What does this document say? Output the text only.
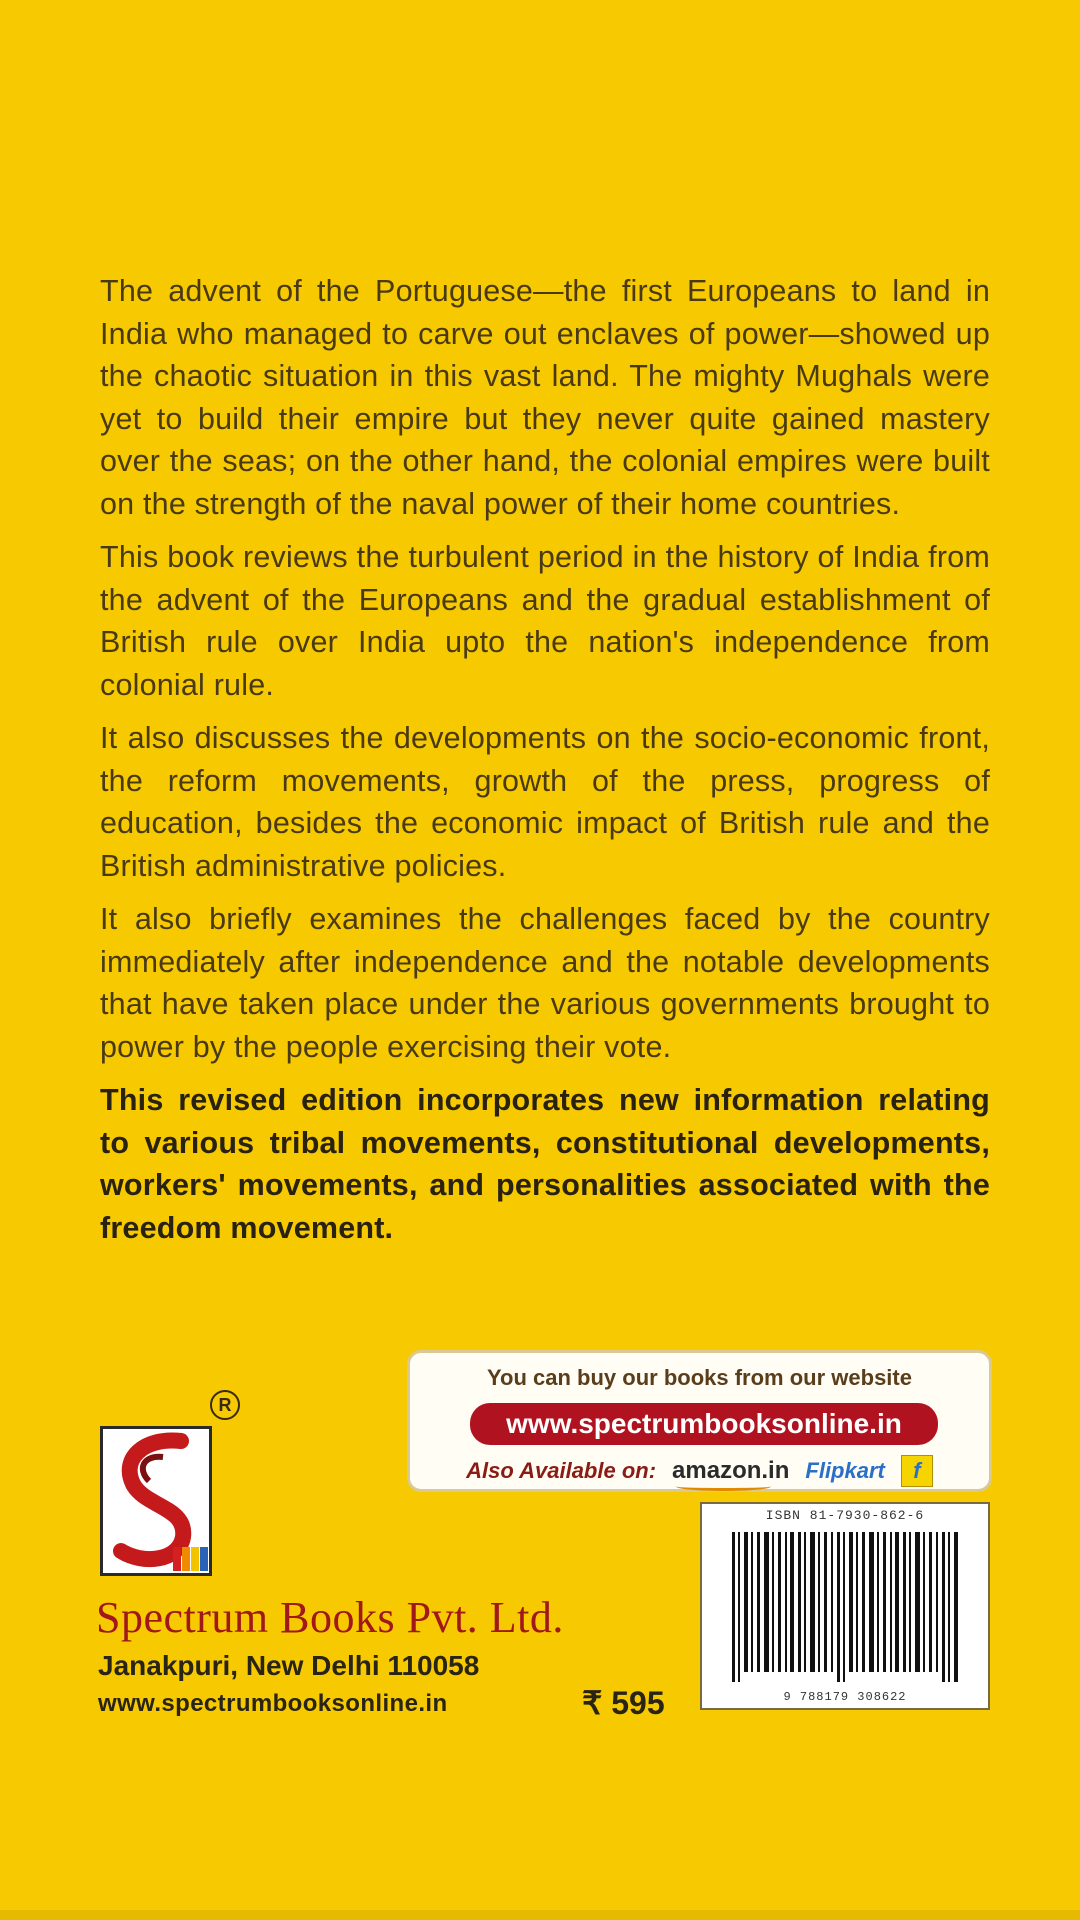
The advent of the Portuguese—the first Europeans to land in India who managed to carve out enclaves of power—showed up the chaotic situation in this vast land. The mighty Mughals were yet to build their empire but they never quite gained mastery over the seas; on the other hand, the colonial empires were built on the strength of the naval power of their home countries.

This book reviews the turbulent period in the history of India from the advent of the Europeans and the gradual establishment of British rule over India upto the nation's independence from colonial rule.

It also discusses the developments on the socio-economic front, the reform movements, growth of the press, progress of education, besides the economic impact of British rule and the British administrative policies.

It also briefly examines the challenges faced by the country immediately after independence and the notable developments that have taken place under the various governments brought to power by the people exercising their vote.

This revised edition incorporates new information relating to various tribal movements, constitutional developments, workers' movements, and personalities associated with the freedom movement.

You can buy our books from our website
www.spectrumbooksonline.in
Also Available on: amazon.in Flipkart	f
R
Spectrum Books Pvt. Ltd.
Janakpuri, New Delhi 110058
www.spectrumbooksonline.in	₹ 595
ISBN 81-7930-862-6
9 788179 308622
